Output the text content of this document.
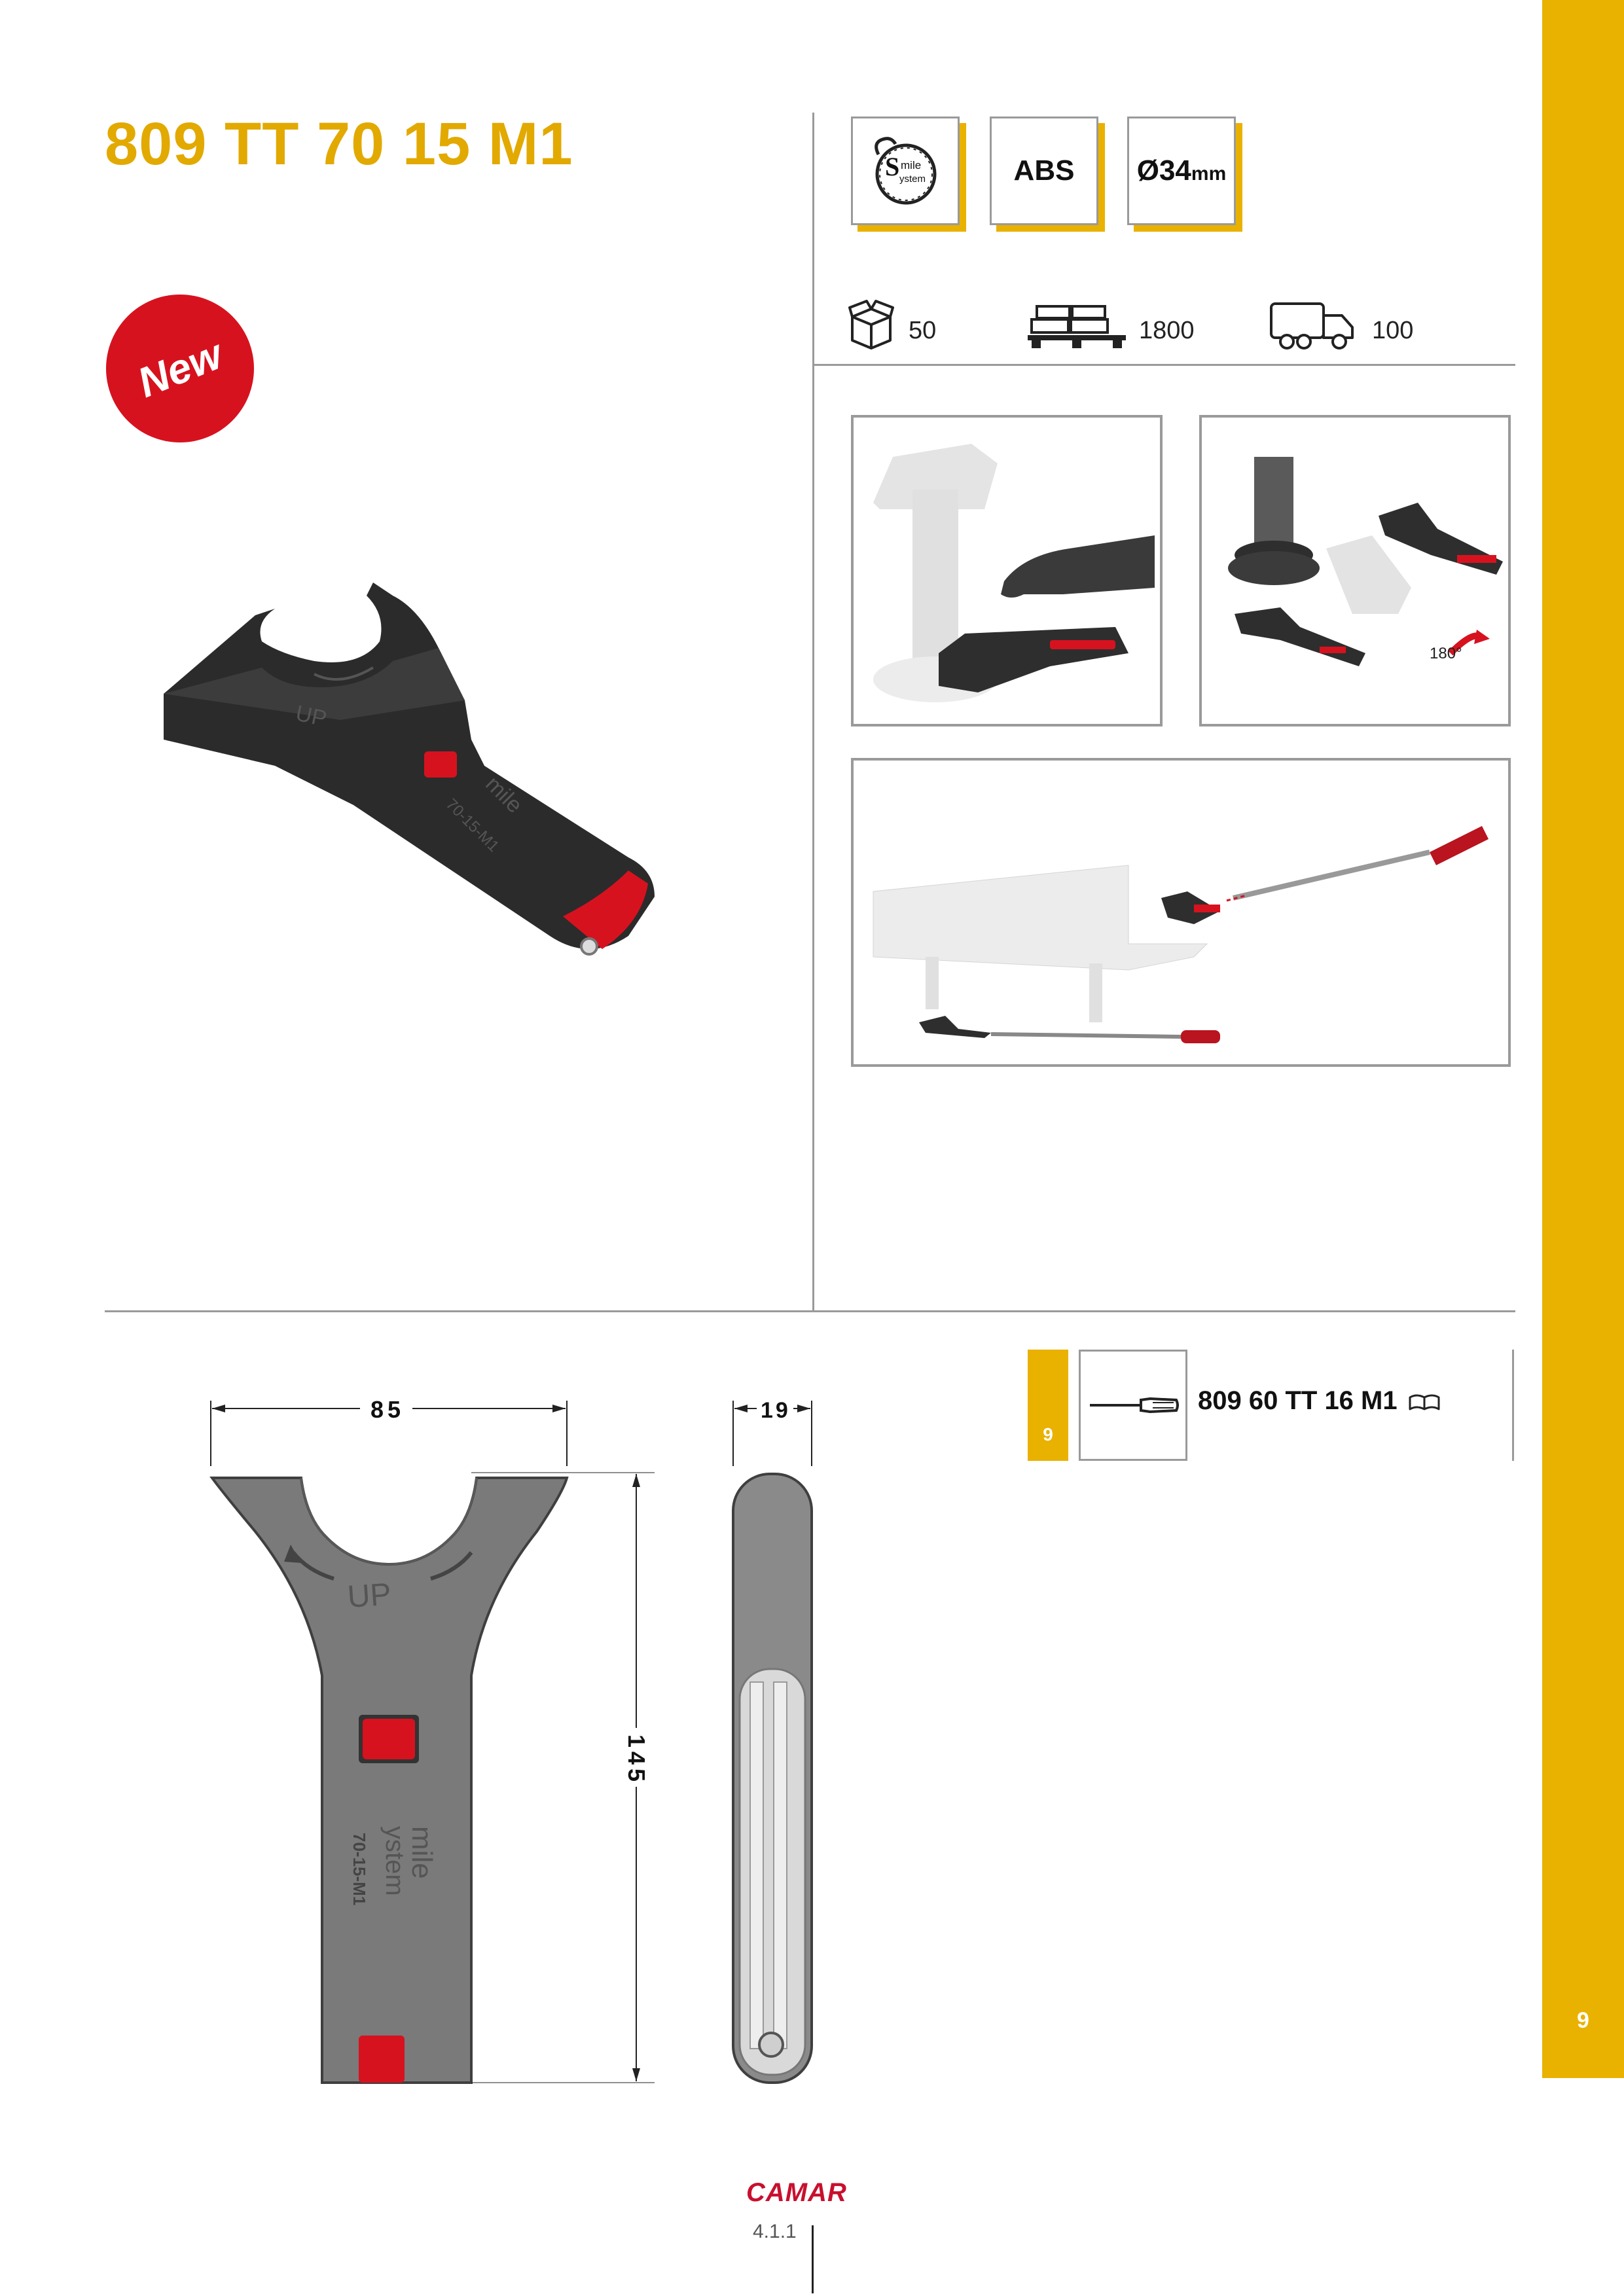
9
809 TT 70 15 M1
New
S mile
ystem	ABS Ø34mm
50	1800	100
UP
mile
70-15-M1
180°
85
UP
mile
ystem
70-15-M1
145
19
9
809 60 TT 16 M1
CAMAR
4.1.1
